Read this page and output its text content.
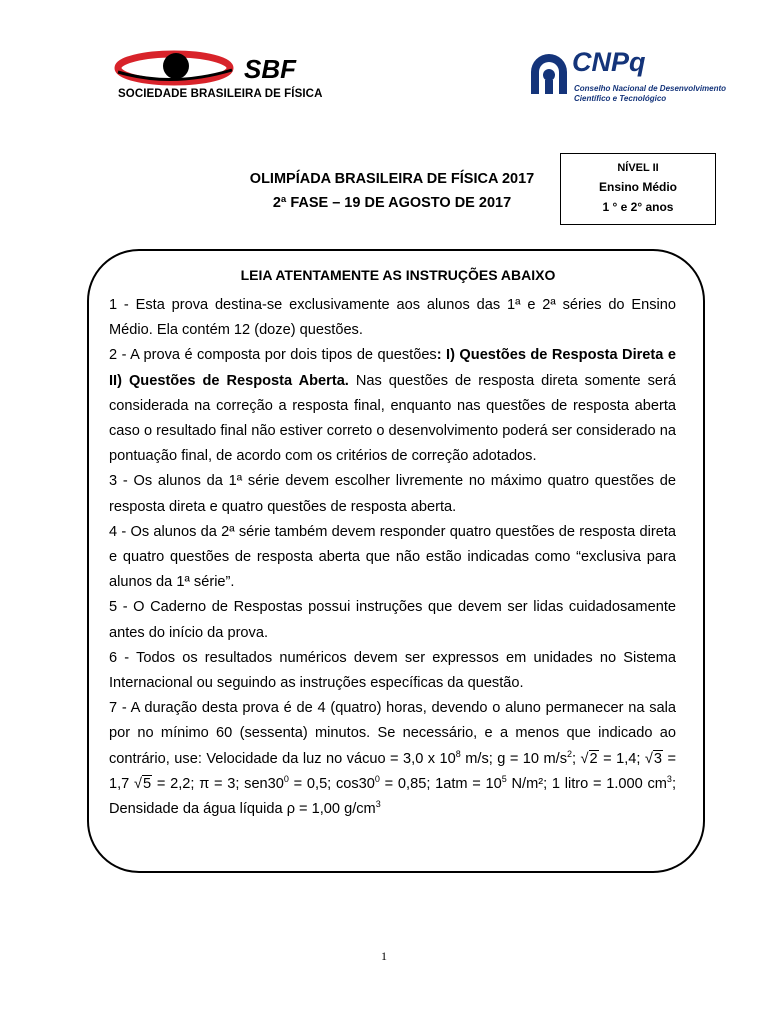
SBF
SOCIEDADE BRASILEIRA DE FÍSICA
CNPq
Conselho Nacional de Desenvolvimento
Científico e Tecnológico
OLIMPÍADA BRASILEIRA DE FÍSICA 2017
2ª FASE – 19 DE AGOSTO DE 2017
NÍVEL II
Ensino Médio
1 ° e 2° anos
LEIA ATENTAMENTE AS INSTRUÇÕES ABAIXO

1 - Esta prova destina-se exclusivamente aos alunos das 1ª e 2ª séries do Ensino Médio. Ela contém 12 (doze) questões.

2 - A prova é composta por dois tipos de questões: I) Questões de Resposta Direta e II) Questões de Resposta Aberta. Nas questões de resposta direta somente será considerada na correção a resposta final, enquanto nas questões de resposta aberta caso o resultado final não estiver correto o desenvolvimento poderá ser considerado na pontuação final, de acordo com os critérios de correção adotados.

3 - Os alunos da 1ª série devem escolher livremente no máximo quatro questões de resposta direta e quatro questões de resposta aberta.

4 - Os alunos da 2ª série também devem responder quatro questões de resposta direta e quatro questões de resposta aberta que não estão indicadas como “exclusiva para alunos da 1ª série”.

5 - O Caderno de Respostas possui instruções que devem ser lidas cuidadosamente antes do início da prova.

6 - Todos os resultados numéricos devem ser expressos em unidades no Sistema Internacional ou seguindo as instruções específicas da questão.

7 - A duração desta prova é de 4 (quatro) horas, devendo o aluno permanecer na sala por no mínimo 60 (sessenta) minutos. Se necessário, e a menos que indicado ao contrário, use: Velocidade da luz no vácuo = 3,0 x $10^8$ m/s; g = 10 $m/s^2$; √2 = 1,4; √3 = 1,7 √5 = 2,2; π = 3; $sen30^0 = 0,5$; $\cos 30^0 = 0,85$; $1atm = 10^5$ N/m²; 1 litro = 1.000 $cm^3$; Densidade da água líquida ρ = 1,00 $g/cm^3$

1
